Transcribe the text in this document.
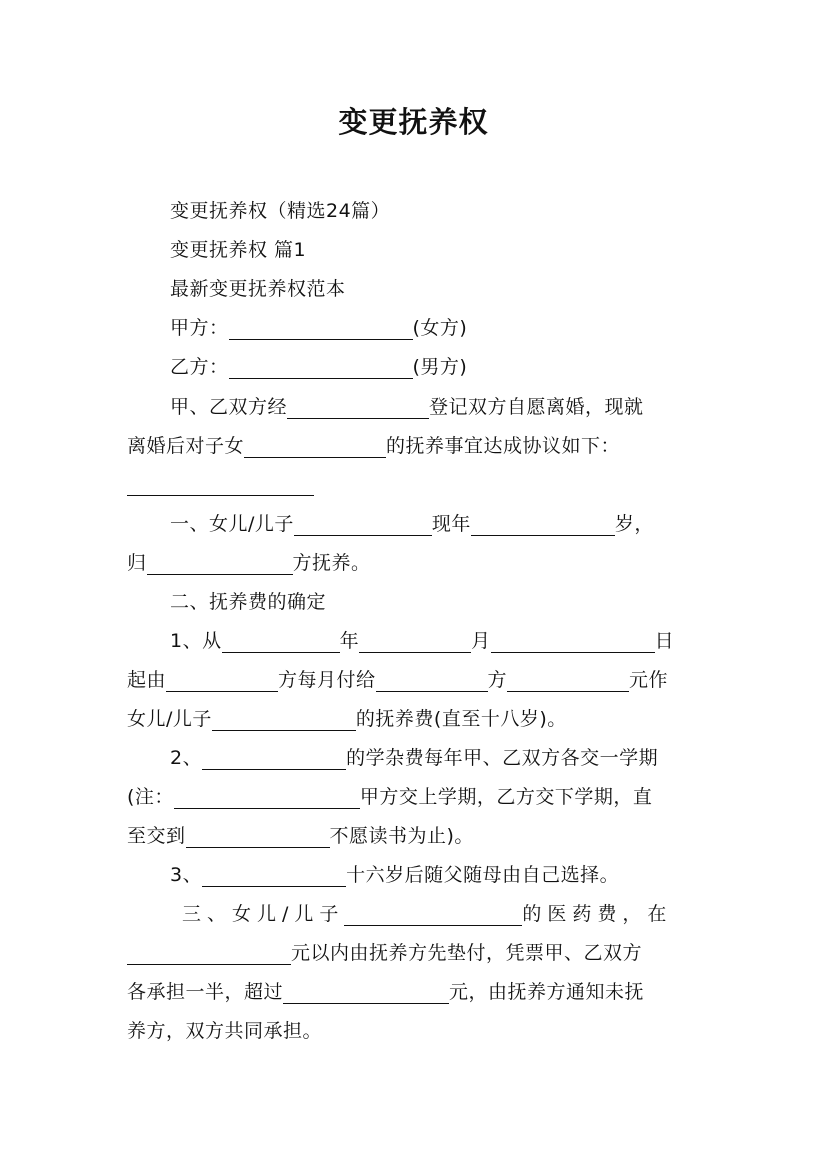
变更抚养权
变更抚养权（精选24篇）
变更抚养权 篇1
最新变更抚养权范本
甲方：	(女方)
乙方：	(男方)
甲、乙双方经	登记双方自愿离婚，现就
离婚后对子女	的抚养事宜达成协议如下：
一、女儿/儿子	现年	岁，
归	方抚养。
二、抚养费的确定
1、从	年	月	日
起由	方每月付给	方	元作
女儿/儿子	的抚养费(直至十八岁)。
2、	的学杂费每年甲、乙双方各交一学期
(注：	甲方交上学期，乙方交下学期，直
至交到	不愿读书为止)。
3、	十六岁后随父随母由自己选择。
三、女儿/儿子	的医药费，在
元以内由抚养方先垫付，凭票甲、乙双方
各承担一半，超过	元，由抚养方通知未抚
养方，双方共同承担。
